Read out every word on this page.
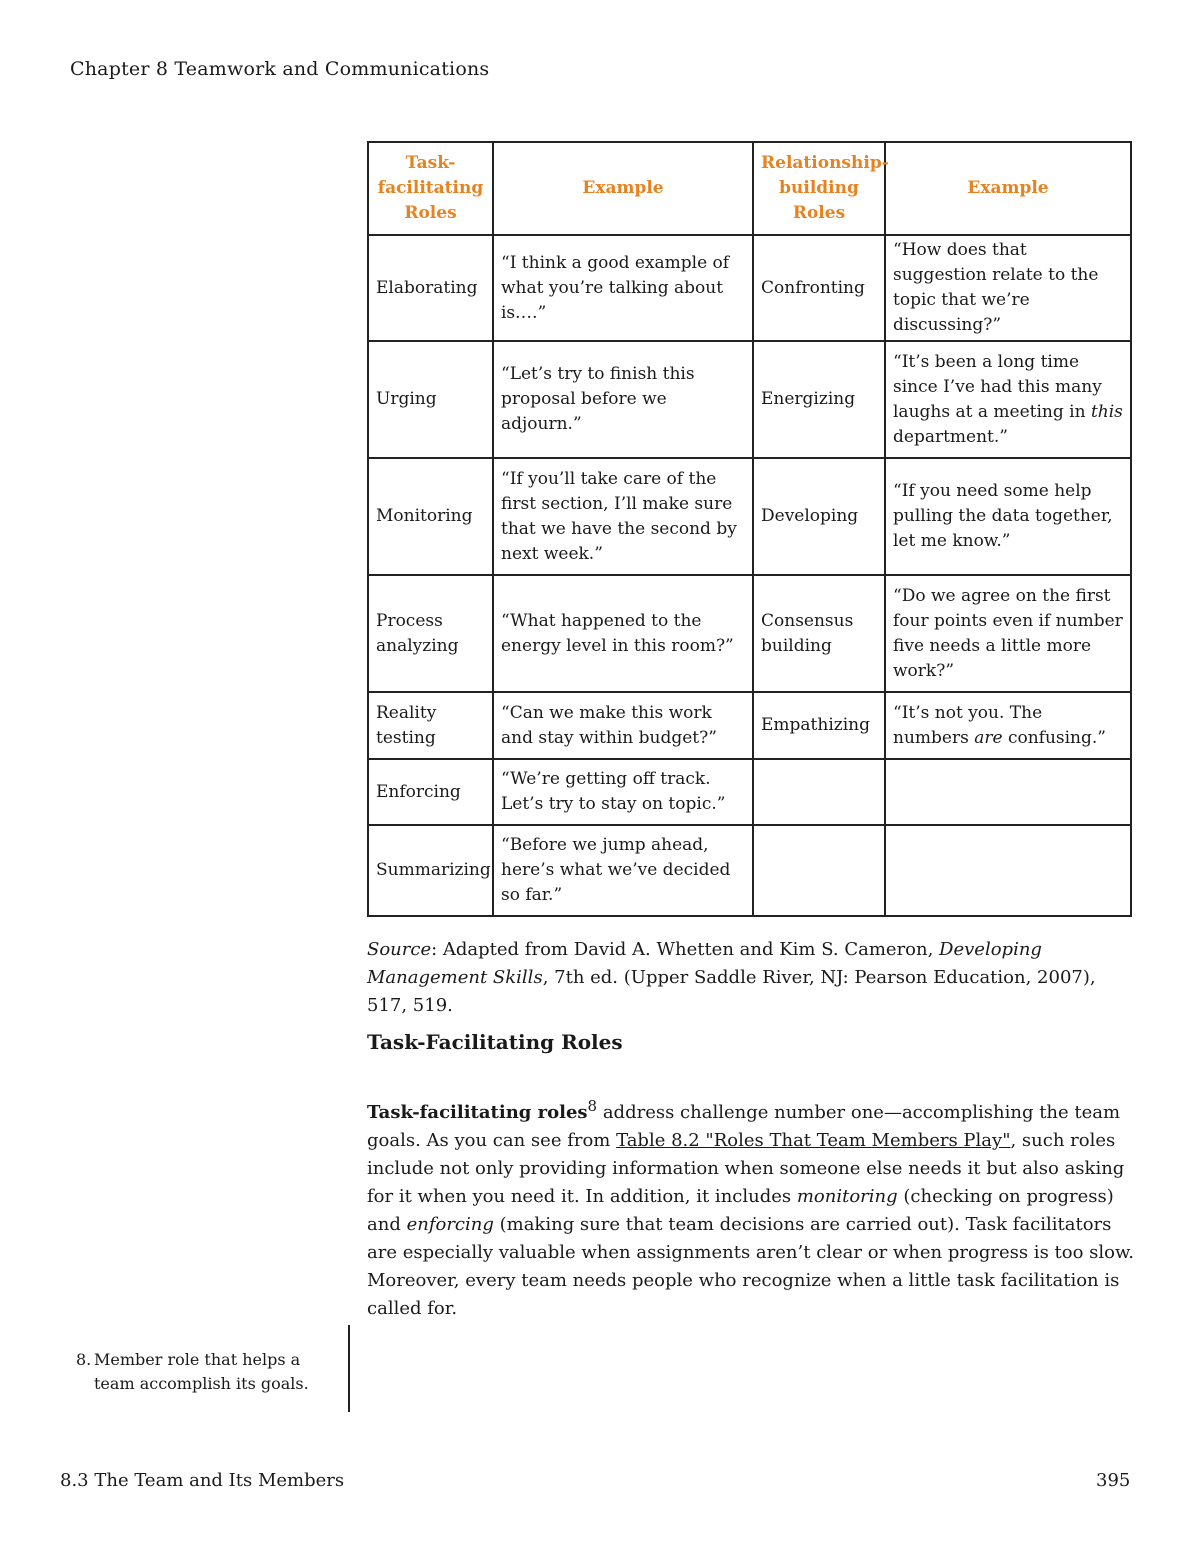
Chapter 8 Teamwork and Communications
Task-facilitating Roles	Example	Relationship-building Roles	Example
Elaborating	“I think a good example of what you’re talking about is.…”	Confronting	“How does that suggestion relate to the topic that we’re discussing?”
Urging	“Let’s try to finish this proposal before we adjourn.”	Energizing	“It’s been a long time since I’ve had this many laughs at a meeting in this department.”
Monitoring	“If you’ll take care of the first section, I’ll make sure that we have the second by next week.”	Developing	“If you need some help pulling the data together, let me know.”
Process analyzing	“What happened to the energy level in this room?”	Consensus building	“Do we agree on the first four points even if number five needs a little more work?”
Reality testing	“Can we make this work and stay within budget?”	Empathizing	“It’s not you. The numbers are confusing.”
Enforcing	“We’re getting off track. Let’s try to stay on topic.”		
Summarizing	“Before we jump ahead, here’s what we’ve decided so far.”		
Source: Adapted from David A. Whetten and Kim S. Cameron, Developing Management Skills, 7th ed. (Upper Saddle River, NJ: Pearson Education, 2007), 517, 519.
Task-Facilitating Roles

Task-facilitating roles$^8$ address challenge number one—accomplishing the team goals. As you can see from Table 8.2 "Roles That Team Members Play", such roles include not only providing information when someone else needs it but also asking for it when you need it. In addition, it includes monitoring (checking on progress) and enforcing (making sure that team decisions are carried out). Task facilitators are especially valuable when assignments aren’t clear or when progress is too slow. Moreover, every team needs people who recognize when a little task facilitation is called for.

8. Member role that helps a team accomplish its goals.
8.3 The Team and Its Members	395
